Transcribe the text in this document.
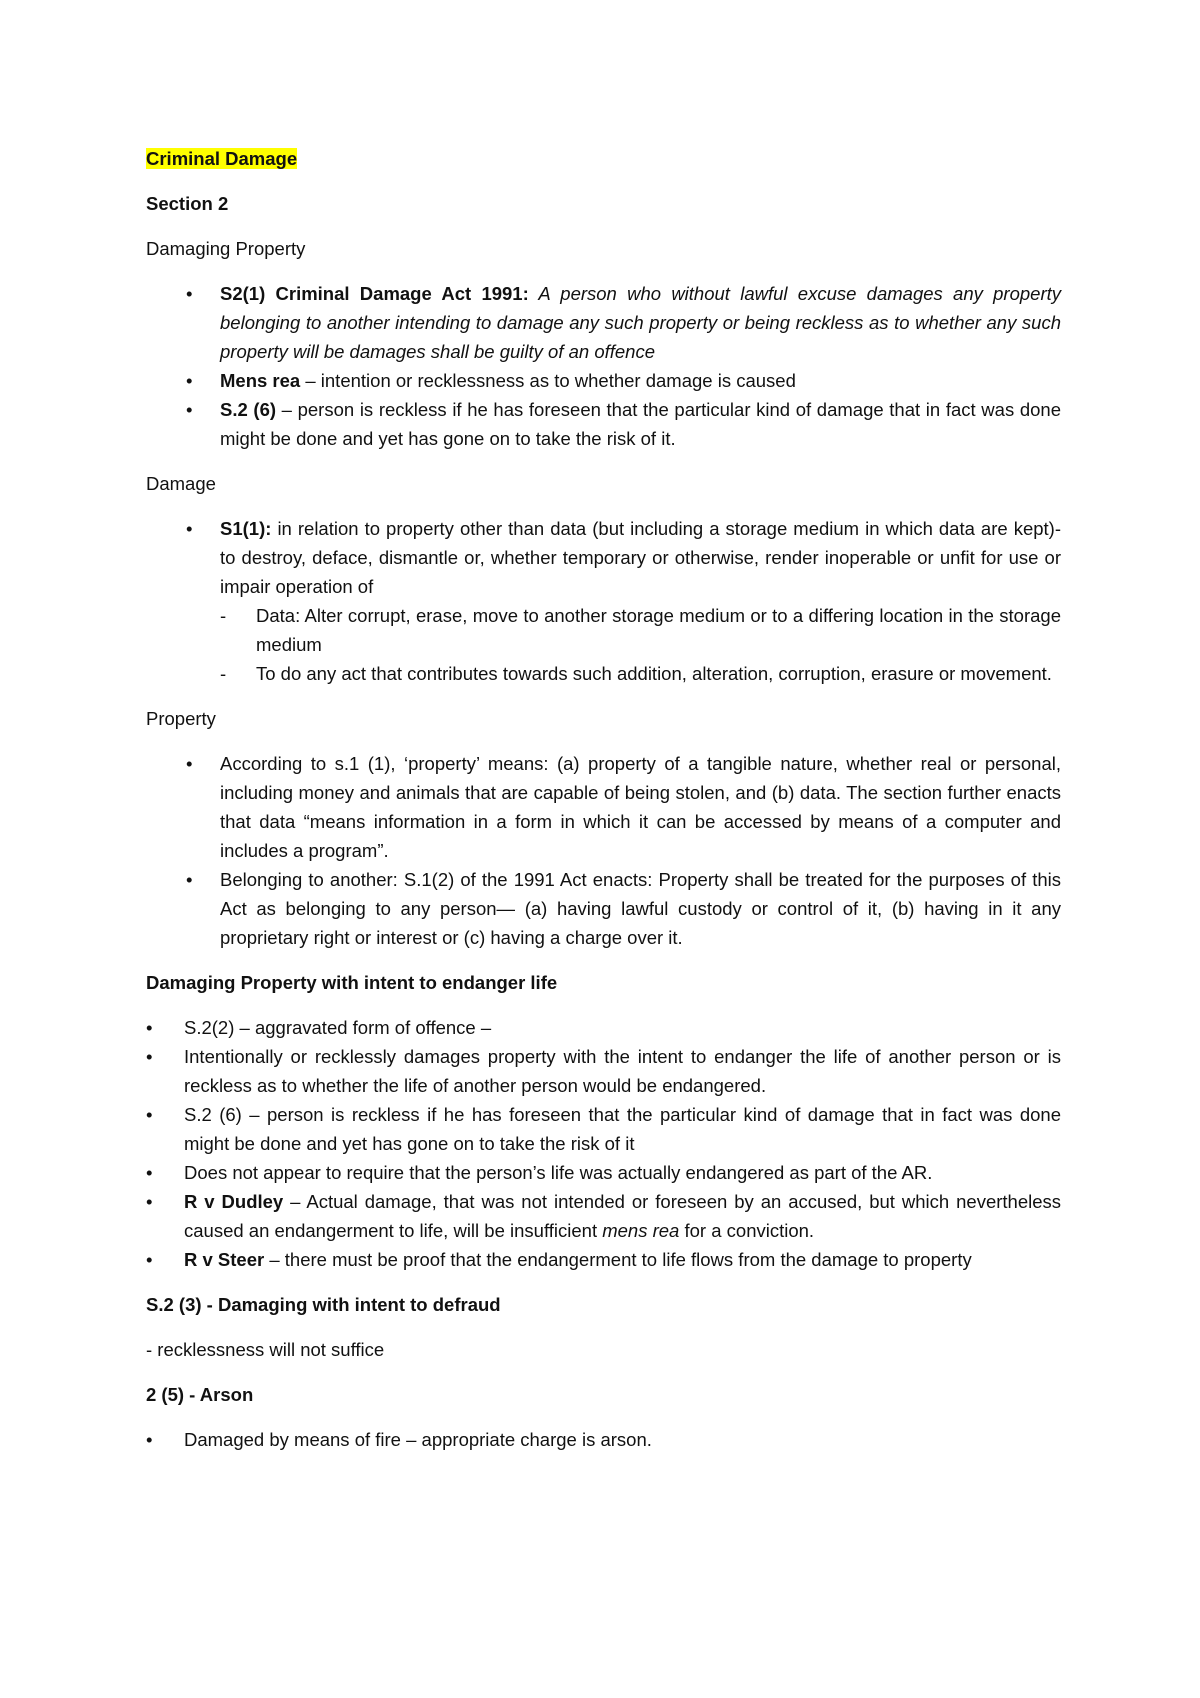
Criminal Damage
Section 2
Damaging Property
• S2(1) Criminal Damage Act 1991: A person who without lawful excuse damages any property belonging to another intending to damage any such property or being reckless as to whether any such property will be damages shall be guilty of an offence
• Mens rea – intention or recklessness as to whether damage is caused
• S.2 (6) – person is reckless if he has foreseen that the particular kind of damage that in fact was done might be done and yet has gone on to take the risk of it.
Damage
• S1(1): in relation to property other than data (but including a storage medium in which data are kept)- to destroy, deface, dismantle or, whether temporary or otherwise, render inoperable or unfit for use or impair operation of
- Data: Alter corrupt, erase, move to another storage medium or to a differing location in the storage medium
- To do any act that contributes towards such addition, alteration, corruption, erasure or movement.
Property
• According to s.1 (1), ‘property’ means: (a) property of a tangible nature, whether real or personal, including money and animals that are capable of being stolen, and (b) data. The section further enacts that data “means information in a form in which it can be accessed by means of a computer and includes a program”.
• Belonging to another: S.1(2) of the 1991 Act enacts: Property shall be treated for the purposes of this Act as belonging to any person— (a) having lawful custody or control of it, (b) having in it any proprietary right or interest or (c) having a charge over it.
Damaging Property with intent to endanger life
• S.2(2) – aggravated form of offence –
• Intentionally or recklessly damages property with the intent to endanger the life of another person or is reckless as to whether the life of another person would be endangered.
• S.2 (6) – person is reckless if he has foreseen that the particular kind of damage that in fact was done might be done and yet has gone on to take the risk of it
• Does not appear to require that the person’s life was actually endangered as part of the AR.
• R v Dudley – Actual damage, that was not intended or foreseen by an accused, but which nevertheless caused an endangerment to life, will be insufficient mens rea for a conviction.
• R v Steer – there must be proof that the endangerment to life flows from the damage to property
S.2 (3) - Damaging with intent to defraud
- recklessness will not suffice
2 (5) - Arson
• Damaged by means of fire – appropriate charge is arson.
